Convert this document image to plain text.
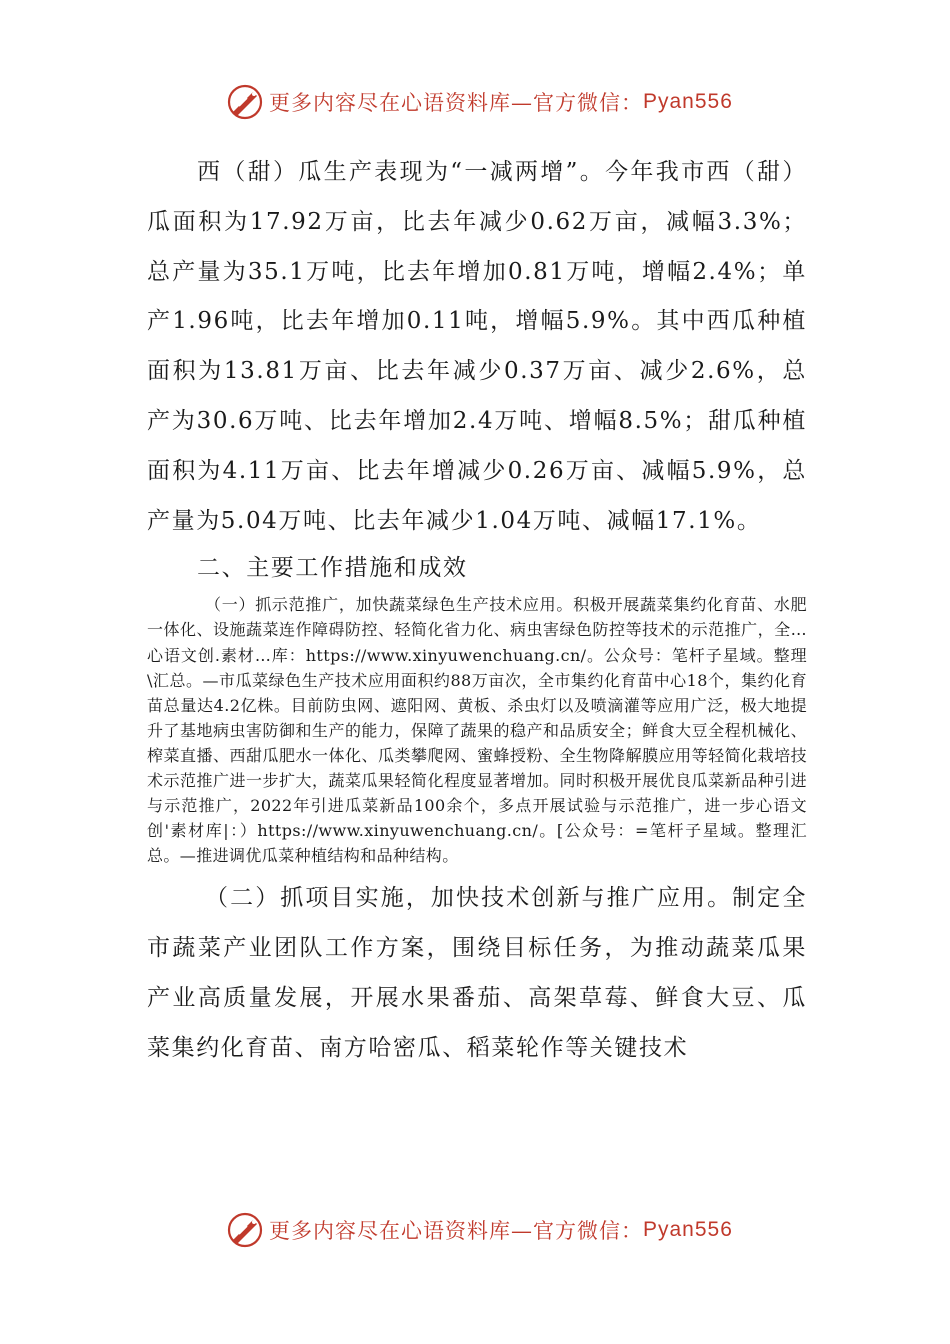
更多内容尽在心语资料库—官方微信： Pyan556

西（甜）瓜生产表现为“一减两增”。今年我市西（甜）瓜面积为17.92万亩，比去年减少0.62万亩，减幅3.3%；总产量为35.1万吨，比去年增加0.81万吨，增幅2.4%；单产1.96吨，比去年增加0.11吨，增幅5.9%。其中西瓜种植面积为13.81万亩、比去年减少0.37万亩、减少2.6%，总产为30.6万吨、比去年增加2.4万吨、增幅8.5%；甜瓜种植面积为4.11万亩、比去年增减少0.26万亩、减幅5.9%，总产量为5.04万吨、比去年减少1.04万吨、减幅17.1%。

二、主要工作措施和成效

（一）抓示范推广，加快蔬菜绿色生产技术应用。积极开展蔬菜集约化育苗、水肥一体化、设施蔬菜连作障碍防控、轻简化省力化、病虫害绿色防控等技术的示范推广，全…心语文创.素材…库：https://www.xinyuwenchuang.cn/。公众号：笔杆子星域。整理\汇总。—市瓜菜绿色生产技术应用面积约88万亩次，全市集约化育苗中心18个，集约化育苗总量达4.2亿株。目前防虫网、遮阳网、黄板、杀虫灯以及喷滴灌等应用广泛，极大地提升了基地病虫害防御和生产的能力，保障了蔬果的稳产和品质安全；鲜食大豆全程机械化、榨菜直播、西甜瓜肥水一体化、瓜类攀爬网、蜜蜂授粉、全生物降解膜应用等轻简化栽培技术示范推广进一步扩大，蔬菜瓜果轻简化程度显著增加。同时积极开展优良瓜菜新品种引进与示范推广，2022年引进瓜菜新品100余个，多点开展试验与示范推广，进一步心语文创'素材库|：）https://www.xinyuwenchuang.cn/。[公众号：=笔杆子星域。整理汇总。—推进调优瓜菜种植结构和品种结构。

（二）抓项目实施，加快技术创新与推广应用。制定全市蔬菜产业团队工作方案，围绕目标任务，为推动蔬菜瓜果产业高质量发展，开展水果番茄、高架草莓、鲜食大豆、瓜菜集约化育苗、南方哈密瓜、稻菜轮作等关键技术

更多内容尽在心语资料库—官方微信： Pyan556
